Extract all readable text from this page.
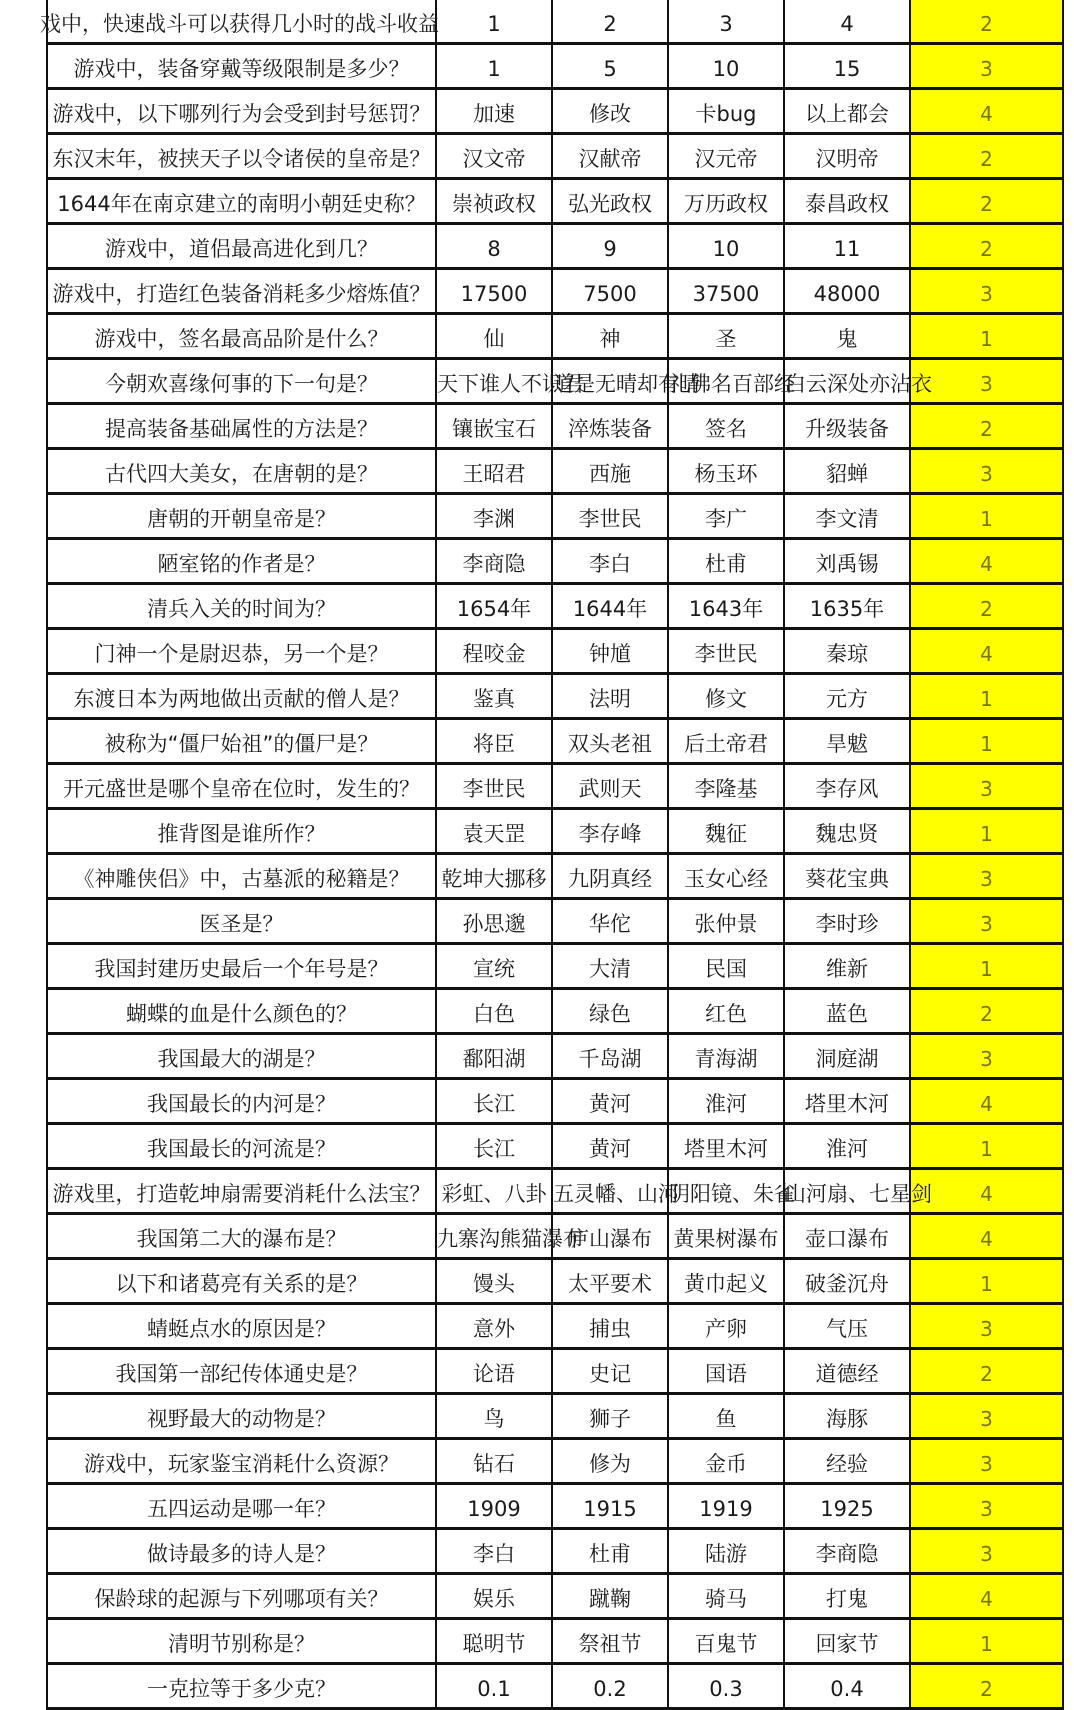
戏中，快速战斗可以获得几小时的战斗收益	1	2	3	4	2
游戏中，装备穿戴等级限制是多少？	1	5	10	15	3
游戏中，以下哪列行为会受到封号惩罚？	加速	修改	卡bug	以上都会	4
东汉末年，被挟天子以令诸侯的皇帝是？	汉文帝	汉献帝	汉元帝	汉明帝	2
1644年在南京建立的南明小朝廷史称？	崇祯政权	弘光政权	万历政权	泰昌政权	2
游戏中，道侣最高进化到几？	8	9	10	11	2
游戏中，打造红色装备消耗多少熔炼值？	17500	7500	37500	48000	3
游戏中，签名最高品阶是什么？	仙	神	圣	鬼	1
今朝欢喜缘何事的下一句是？	天下谁人不识君	道是无晴却有晴	礼佛名百部经	白云深处亦沾衣	3
提高装备基础属性的方法是？	镶嵌宝石	淬炼装备	签名	升级装备	2
古代四大美女，在唐朝的是？	王昭君	西施	杨玉环	貂蝉	3
唐朝的开朝皇帝是？	李渊	李世民	李广	李文清	1
陋室铭的作者是？	李商隐	李白	杜甫	刘禹锡	4
清兵入关的时间为？	1654年	1644年	1643年	1635年	2
门神一个是尉迟恭，另一个是？	程咬金	钟馗	李世民	秦琼	4
东渡日本为两地做出贡献的僧人是？	鉴真	法明	修文	元方	1
被称为“僵尸始祖”的僵尸是？	将臣	双头老祖	后土帝君	旱魃	1
开元盛世是哪个皇帝在位时，发生的？	李世民	武则天	李隆基	李存风	3
推背图是谁所作？	袁天罡	李存峰	魏征	魏忠贤	1
《神雕侠侣》中，古墓派的秘籍是？	乾坤大挪移	九阴真经	玉女心经	葵花宝典	3
医圣是？	孙思邈	华佗	张仲景	李时珍	3
我国封建历史最后一个年号是？	宣统	大清	民国	维新	1
蝴蝶的血是什么颜色的？	白色	绿色	红色	蓝色	2
我国最大的湖是？	鄱阳湖	千岛湖	青海湖	洞庭湖	3
我国最长的内河是？	长江	黄河	淮河	塔里木河	4
我国最长的河流是？	长江	黄河	塔里木河	淮河	1
游戏里，打造乾坤扇需要消耗什么法宝？	彩虹、八卦	五灵幡、山河	阴阳镜、朱雀	山河扇、七星剑	4
我国第二大的瀑布是？	九寨沟熊猫瀑布	庐山瀑布	黄果树瀑布	壶口瀑布	4
以下和诸葛亮有关系的是？	馒头	太平要术	黄巾起义	破釜沉舟	1
蜻蜓点水的原因是？	意外	捕虫	产卵	气压	3
我国第一部纪传体通史是？	论语	史记	国语	道德经	2
视野最大的动物是？	鸟	狮子	鱼	海豚	3
游戏中，玩家鉴宝消耗什么资源？	钻石	修为	金币	经验	3
五四运动是哪一年？	1909	1915	1919	1925	3
做诗最多的诗人是？	李白	杜甫	陆游	李商隐	3
保龄球的起源与下列哪项有关？	娱乐	蹴鞠	骑马	打鬼	4
清明节别称是？	聪明节	祭祖节	百鬼节	回家节	1
一克拉等于多少克？	0.1	0.2	0.3	0.4	2
